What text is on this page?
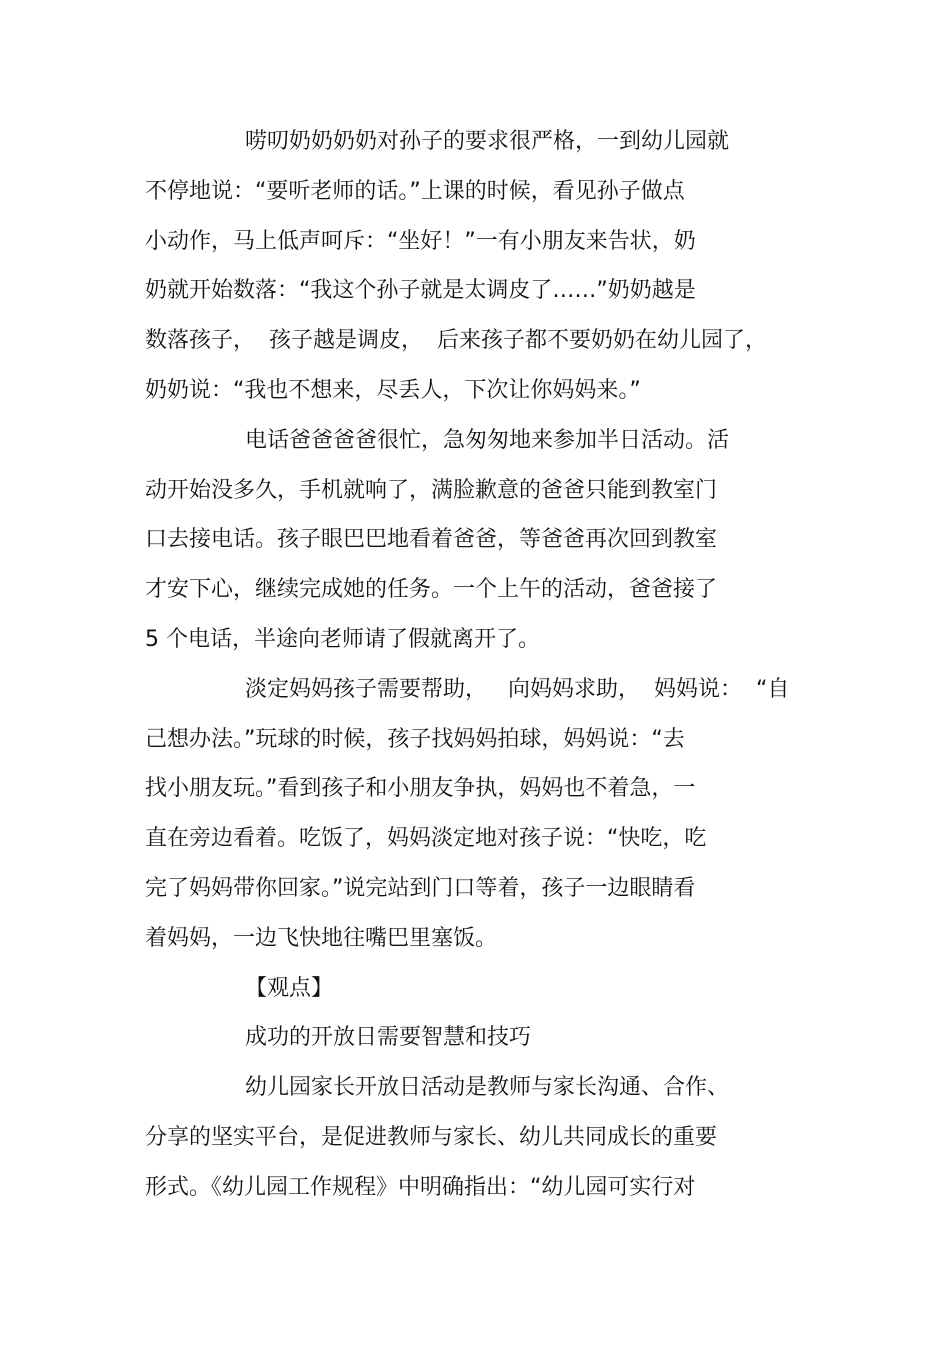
唠叨奶奶奶奶对孙子的要求很严格，一到幼儿园就
不停地说：“要听老师的话。”上课的时候，看见孙子做点
小动作，马上低声呵斥：“坐好！”一有小朋友来告状，奶
奶就开始数落：“我这个孙子就是太调皮了……”奶奶越是
数落孩子，  孩子越是调皮，  后来孩子都不要奶奶在幼儿园了，
奶奶说：“我也不想来，尽丢人，下次让你妈妈来。”
电话爸爸爸爸很忙，急匆匆地来参加半日活动。活
动开始没多久，手机就响了，满脸歉意的爸爸只能到教室门
口去接电话。孩子眼巴巴地看着爸爸，等爸爸再次回到教室
才安下心，继续完成她的任务。一个上午的活动，爸爸接了
5 个电话，半途向老师请了假就离开了。
淡定妈妈孩子需要帮助，   向妈妈求助，  妈妈说：  “自
己想办法。”玩球的时候，孩子找妈妈拍球，妈妈说：“去
找小朋友玩。”看到孩子和小朋友争执，妈妈也不着急，一
直在旁边看着。吃饭了，妈妈淡定地对孩子说：“快吃，吃
完了妈妈带你回家。”说完站到门口等着，孩子一边眼睛看
着妈妈，一边飞快地往嘴巴里塞饭。
【观点】
成功的开放日需要智慧和技巧
幼儿园家长开放日活动是教师与家长沟通、合作、
分享的坚实平台，是促进教师与家长、幼儿共同成长的重要
形式。《幼儿园工作规程》中明确指出：“幼儿园可实行对
